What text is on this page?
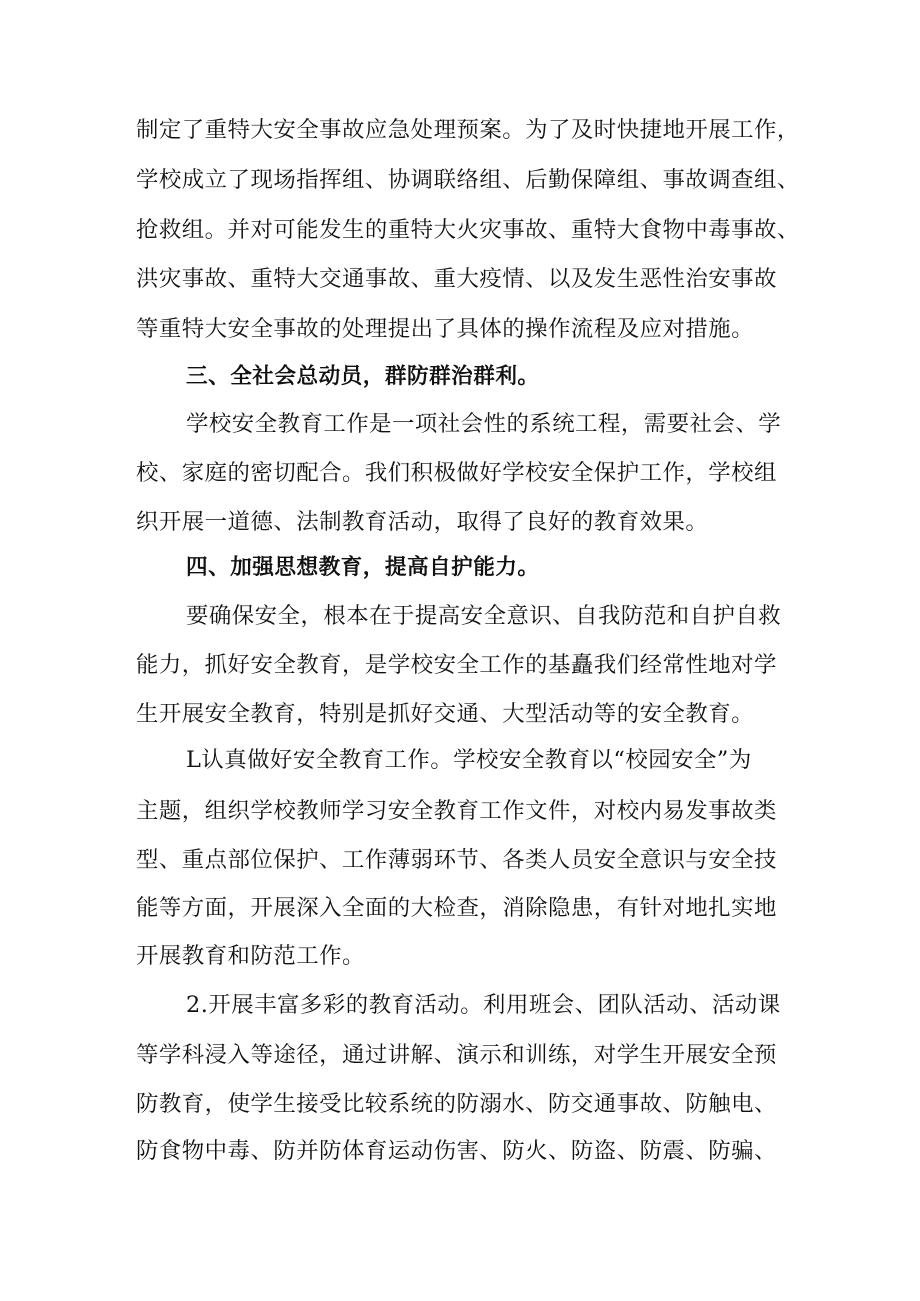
制定了重特大安全事故应急处理预案。为了及时快捷地开展工作，
学校成立了现场指挥组、协调联络组、后勤保障组、事故调查组、
抢救组。并对可能发生的重特大火灾事故、重特大食物中毒事故、
洪灾事故、重特大交通事故、重大疫情、以及发生恶性治安事故
等重特大安全事故的处理提出了具体的操作流程及应对措施。
三、全社会总动员，群防群治群利。
学校安全教育工作是一项社会性的系统工程，需要社会、学
校、家庭的密切配合。我们积极做好学校安全保护工作，学校组
织开展一道德、法制教育活动，取得了良好的教育效果。
四、加强思想教育，提高自护能力。
要确保安全，根本在于提高安全意识、自我防范和自护自救
能力，抓好安全教育，是学校安全工作的基矗我们经常性地对学
生开展安全教育，特别是抓好交通、大型活动等的安全教育。
L认真做好安全教育工作。学校安全教育以“校园安全”为
主题，组织学校教师学习安全教育工作文件，对校内易发事故类
型、重点部位保护、工作薄弱环节、各类人员安全意识与安全技
能等方面，开展深入全面的大检查，消除隐患，有针对地扎实地
开展教育和防范工作。
2.开展丰富多彩的教育活动。利用班会、团队活动、活动课
等学科浸入等途径，通过讲解、演示和训练，对学生开展安全预
防教育，使学生接受比较系统的防溺水、防交通事故、防触电、
防食物中毒、防并防体育运动伤害、防火、防盗、防震、防骗、
